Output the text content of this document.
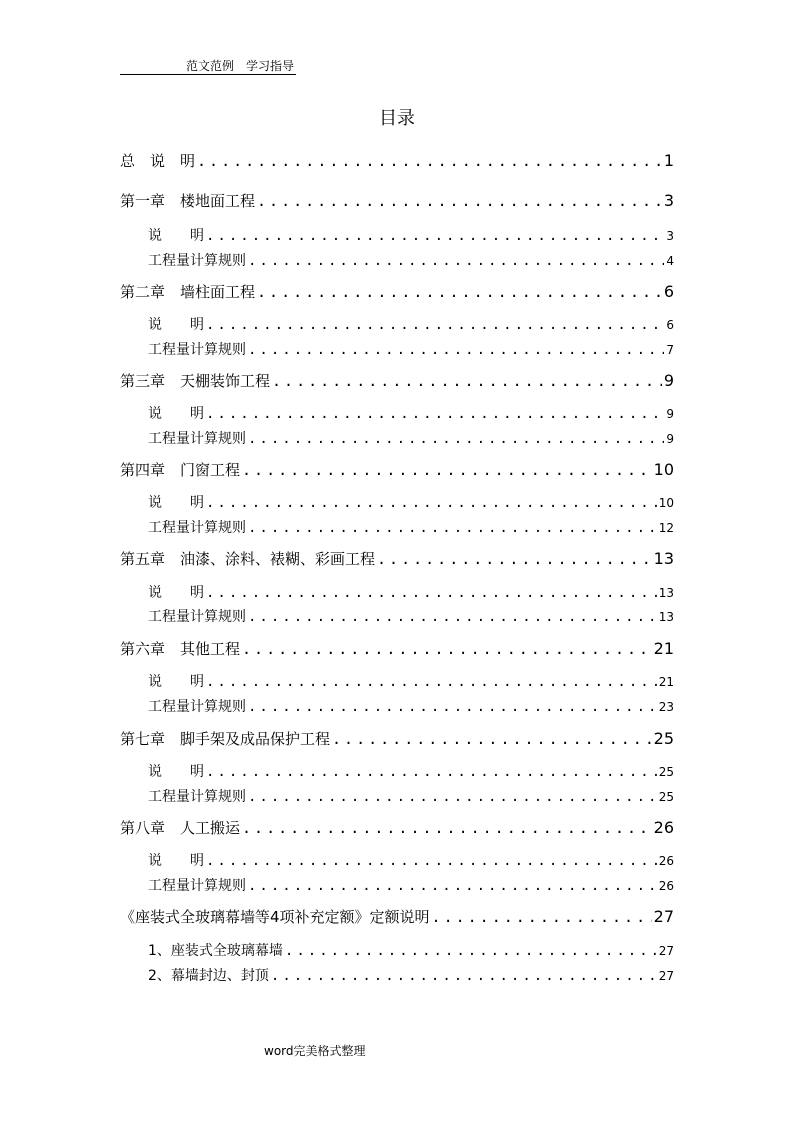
范文范例　学习指导
目录
总　说　明 .....	1
第一章　楼地面工程 .....	3
说　　明 .....	3
工程量计算规则 .....	4
第二章　墙柱面工程 .....	6
说　　明 .....	6
工程量计算规则 .....	7
第三章　天棚装饰工程 .....	9
说　　明 .....	9
工程量计算规则 .....	9
第四章　门窗工程 .....	10
说　　明 .....	10
工程量计算规则 .....	12
第五章　油漆、涂料、裱糊、彩画工程 .....	13
说　　明 .....	13
工程量计算规则 .....	13
第六章　其他工程 .....	21
说　　明 .....	21
工程量计算规则 .....	23
第七章　脚手架及成品保护工程 .....	25
说　　明 .....	25
工程量计算规则 .....	25
第八章　人工搬运 .....	26
说　　明 .....	26
工程量计算规则 .....	26
《座装式全玻璃幕墙等4项补充定额》定额说明 .....	27
1、座装式全玻璃幕墙 .....	27
2、幕墙封边、封顶 .....	27
word完美格式整理
